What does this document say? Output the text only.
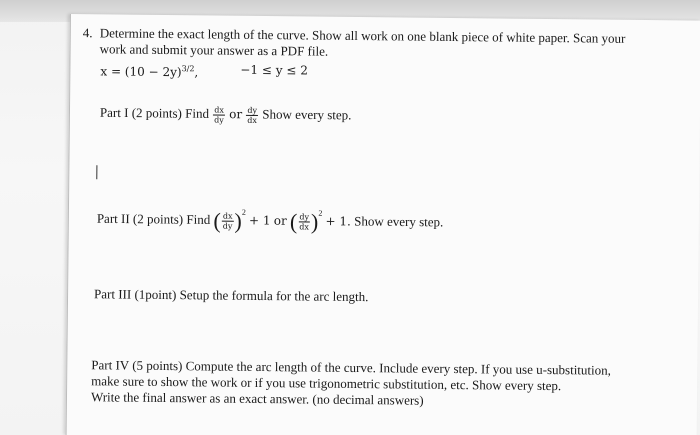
4. Determine the exact length of the curve. Show all work on one blank piece of white paper. Scan your
work and submit your answer as a PDF file.
$x = (10 - 2y)^{3/2}$,	−1 ≤ y ≤ 2
Part I (2 points) Find $\frac{dx}{dy}$ or $\frac{dy}{dx}$ Show every step.
Part II (2 points) Find ( $\frac{dx}{dy} )^2 + 1$ or ( $\frac{dy}{dx} )^2 + 1$. Show every step.
Part III (1point) Setup the formula for the arc length.
Part IV (5 points) Compute the arc length of the curve. Include every step. If you use u-substitution,
make sure to show the work or if you use trigonometric substitution, etc. Show every step.
Write the final answer as an exact answer. (no decimal answers)
